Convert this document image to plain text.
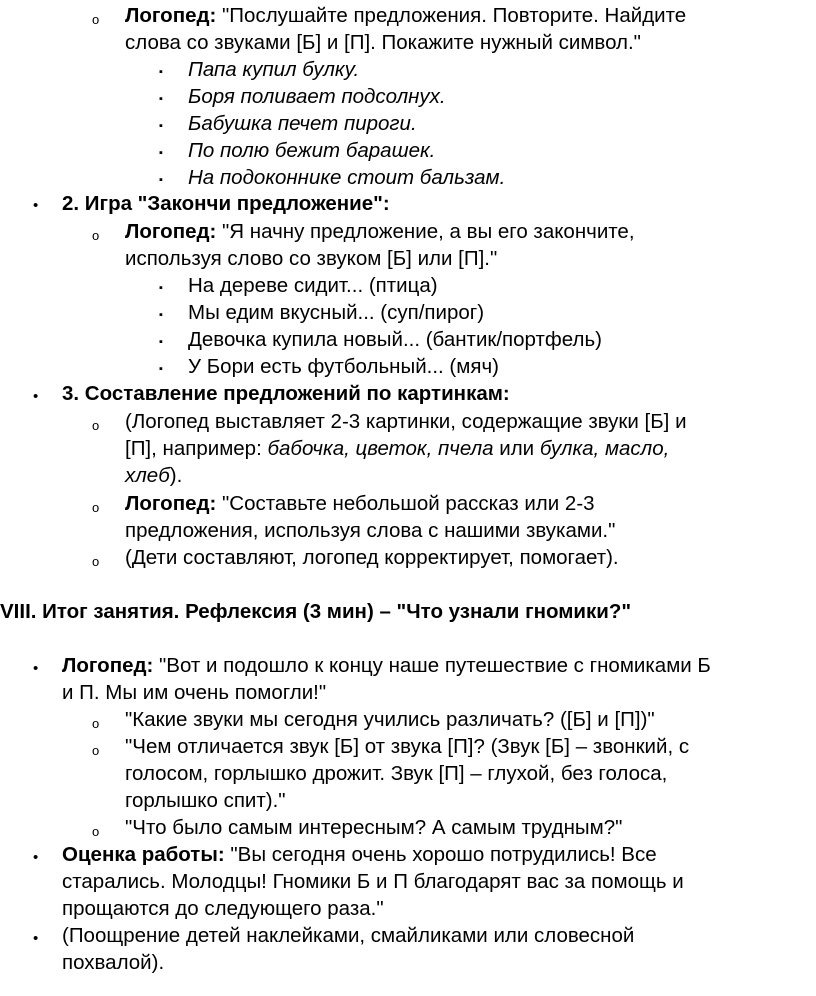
o Логопед: "Послушайте предложения. Повторите. Найдите
слова со звуками [Б] и [П]. Покажите нужный символ."
▪ Папа купил булку.
▪ Боря поливает подсолнух.
▪ Бабушка печет пироги.
▪ По полю бежит барашек.
▪ На подоконнике стоит бальзам.
• 2. Игра "Закончи предложение":
o Логопед: "Я начну предложение, а вы его закончите,
используя слово со звуком [Б] или [П]."
▪ На дереве сидит... (птица)
▪ Мы едим вкусный... (суп/пирог)
▪ Девочка купила новый... (бантик/портфель)
▪ У Бори есть футбольный... (мяч)
• 3. Составление предложений по картинкам:
o (Логопед выставляет 2-3 картинки, содержащие звуки [Б] и
[П], например: бабочка, цветок, пчела или булка, масло,
хлеб).
o Логопед: "Составьте небольшой рассказ или 2-3
предложения, используя слова с нашими звуками."
o (Дети составляют, логопед корректирует, помогает).
VIII. Итог занятия. Рефлексия (3 мин) – "Что узнали гномики?"
• Логопед: "Вот и подошло к концу наше путешествие с гномиками Б
и П. Мы им очень помогли!"
o "Какие звуки мы сегодня учились различать? ([Б] и [П])"
o "Чем отличается звук [Б] от звука [П]? (Звук [Б] – звонкий, с
голосом, горлышко дрожит. Звук [П] – глухой, без голоса,
горлышко спит)."
o "Что было самым интересным? А самым трудным?"
• Оценка работы: "Вы сегодня очень хорошо потрудились! Все
старались. Молодцы! Гномики Б и П благодарят вас за помощь и
прощаются до следующего раза."
• (Поощрение детей наклейками, смайликами или словесной
похвалой).
